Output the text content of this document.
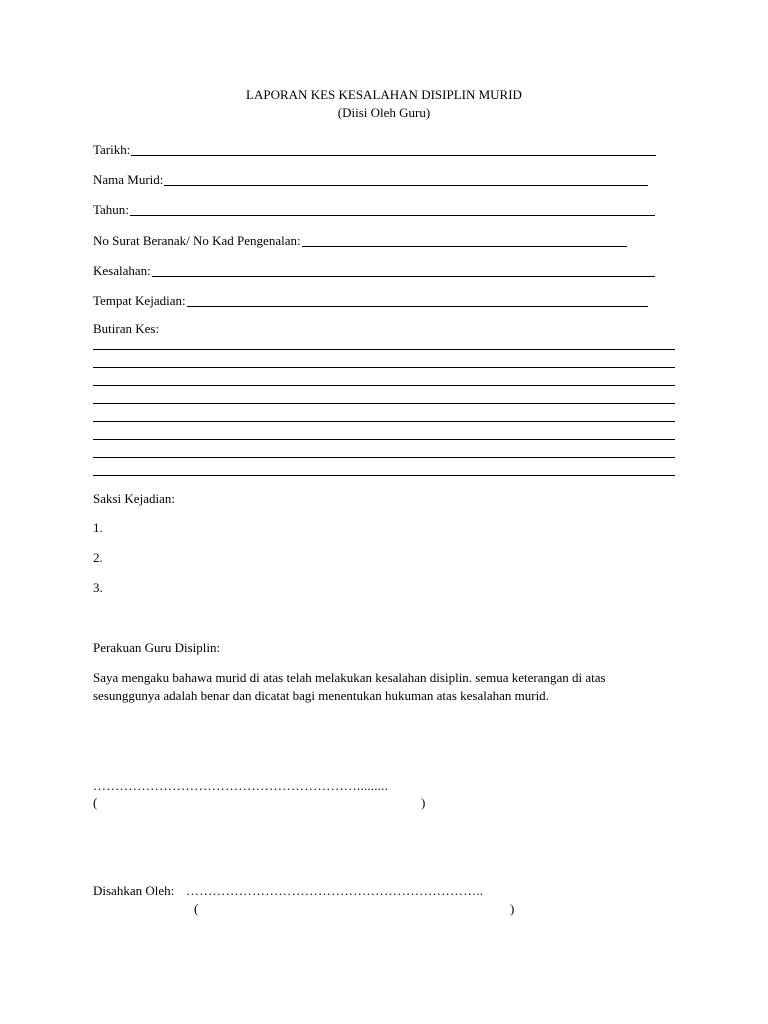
LAPORAN KES KESALAHAN DISIPLIN MURID
(Diisi Oleh Guru)
Tarikh:
Nama Murid:
Tahun:
No Surat Beranak/ No Kad Pengenalan:
Kesalahan:
Tempat Kejadian:
Butiran Kes:
Saksi Kejadian:
1.
2.
3.
Perakuan Guru Disiplin:
Saya mengaku bahawa murid di atas telah melakukan kesalahan disiplin. semua keterangan di atas sesunggunya adalah benar dan dicatat bagi menentukan hukuman atas kesalahan murid.
…………………………………………………….........
(	)
Disahkan Oleh: …………………………………………………………..
(	)
